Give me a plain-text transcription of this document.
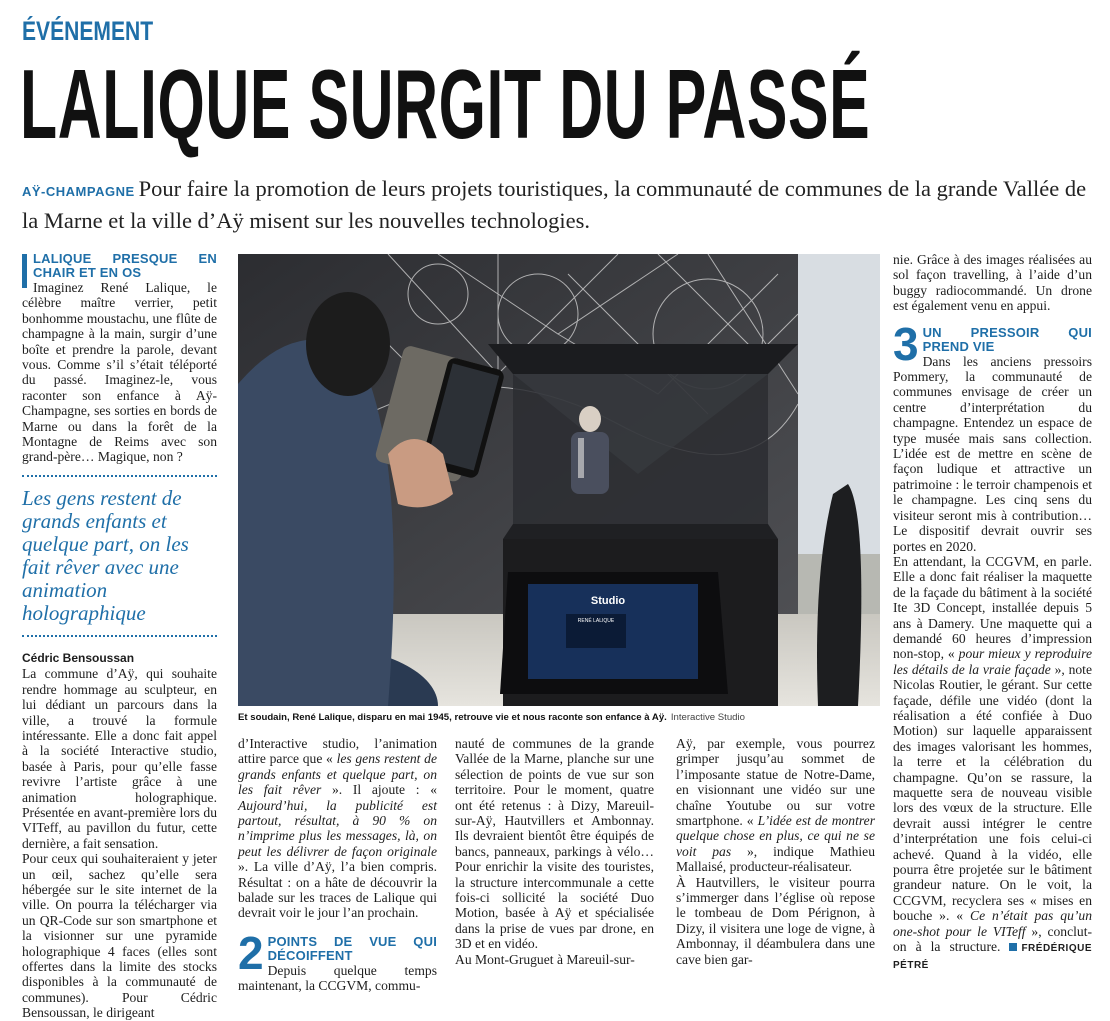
ÉVÉNEMENT
LALIQUE SURGIT DU PASSÉ
AŸ-CHAMPAGNE Pour faire la promotion de leurs projets touristiques, la communauté de communes de la grande Vallée de la Marne et la ville d’Aÿ misent sur les nouvelles technologies.
LALIQUE PRESQUE EN CHAIR ET EN OS

Imaginez René Lalique, le célèbre maître verrier, petit bonhomme moustachu, une flûte de champagne à la main, surgir d’une boîte et prendre la parole, devant vous. Comme s’il s’était téléporté du passé. Imaginez-le, vous raconter son enfance à Aÿ-Champagne, ses sorties en bords de Marne ou dans la forêt de la Montagne de Reims avec son grand-père… Magique, non ?

Les gens restent de grands enfants et quelque part, on les fait rêver avec une animation holographique
Cédric Bensoussan

La commune d’Aÿ, qui souhaite rendre hommage au sculpteur, en lui dédiant un parcours dans la ville, a trouvé la formule intéressante. Elle a donc fait appel à la société Interactive studio, basée à Paris, pour qu’elle fasse revivre l’artiste grâce à une animation holographique. Présentée en avant-première lors du VITeff, au pavillon du futur, cette dernière, a fait sensation.

Pour ceux qui souhaiteraient y jeter un œil, sachez qu’elle sera hébergée sur le site internet de la ville. On pourra la télécharger via un QR-Code sur son smartphone et la visionner sur une pyramide holographique 4 faces (elles sont offertes dans la limite des stocks disponibles à la communauté de communes). Pour Cédric Bensoussan, le dirigeant

Studio
RENÉ LALIQUE
Et soudain, René Lalique, disparu en mai 1945, retrouve vie et nous raconte son enfance à Aÿ. Interactive Studio

d’Interactive studio, l’animation attire parce que « les gens restent de grands enfants et quelque part, on les fait rêver ». Il ajoute : « Aujourd’hui, la publicité est partout, résultat, à 90 % on n’imprime plus les messages, là, on peut les délivrer de façon originale ». La ville d’Aÿ, l’a bien compris. Résultat : on a hâte de découvrir la balade sur les traces de Lalique qui devrait voir le jour l’an prochain.

2 POINTS DE VUE QUI DÉCOIFFENT

Depuis quelque temps maintenant, la CCGVM, commu-

nauté de communes de la grande Vallée de la Marne, planche sur une sélection de points de vue sur son territoire. Pour le moment, quatre ont été retenus : à Dizy, Mareuil-sur-Aÿ, Hautvillers et Ambonnay. Ils devraient bientôt être équipés de bancs, panneaux, parkings à vélo… Pour enrichir la visite des touristes, la structure intercommunale a cette fois-ci sollicité la société Duo Motion, basée à Aÿ et spécialisée dans la prise de vues par drone, en 3D et en vidéo.

Au Mont-Gruguet à Mareuil-sur-

Aÿ, par exemple, vous pourrez grimper jusqu’au sommet de l’imposante statue de Notre-Dame, en visionnant une vidéo sur une chaîne Youtube ou sur votre smartphone. « L’idée est de montrer quelque chose en plus, ce qui ne se voit pas », indique Mathieu Mallaisé, producteur-réalisateur.

À Hautvillers, le visiteur pourra s’immerger dans l’église où repose le tombeau de Dom Pérignon, à Dizy, il visitera une loge de vigne, à Ambonnay, il déambulera dans une cave bien gar-

nie. Grâce à des images réalisées au sol façon travelling, à l’aide d’un buggy radiocommandé. Un drone est également venu en appui.

3 UN PRESSOIR QUI PREND VIE

Dans les anciens pressoirs Pommery, la communauté de communes envisage de créer un centre d’interprétation du champagne. Entendez un espace de type musée mais sans collection. L’idée est de mettre en scène de façon ludique et attractive un patrimoine : le terroir champenois et le champagne. Les cinq sens du visiteur seront mis à contribution… Le dispositif devrait ouvrir ses portes en 2020.

En attendant, la CCGVM, en parle. Elle a donc fait réaliser la maquette de la façade du bâtiment à la société Ite 3D Concept, installée depuis 5 ans à Damery. Une maquette qui a demandé 60 heures d’impression non-stop, « pour mieux y reproduire les détails de la vraie façade », note Nicolas Routier, le gérant. Sur cette façade, défile une vidéo (dont la réalisation a été confiée à Duo Motion) sur laquelle apparaissent des images valorisant les hommes, la terre et la célébration du champagne. Qu’on se rassure, la maquette sera de nouveau visible lors des vœux de la structure. Elle devrait aussi intégrer le centre d’interprétation une fois celui-ci achevé. Quand à la vidéo, elle pourra être projetée sur le bâtiment grandeur nature. On le voit, la CCGVM, recyclera ses « mises en bouche ». « Ce n’était pas qu’un one-shot pour le VITeff », conclut-on à la structure. FRÉDÉRIQUE PÉTRÉ
